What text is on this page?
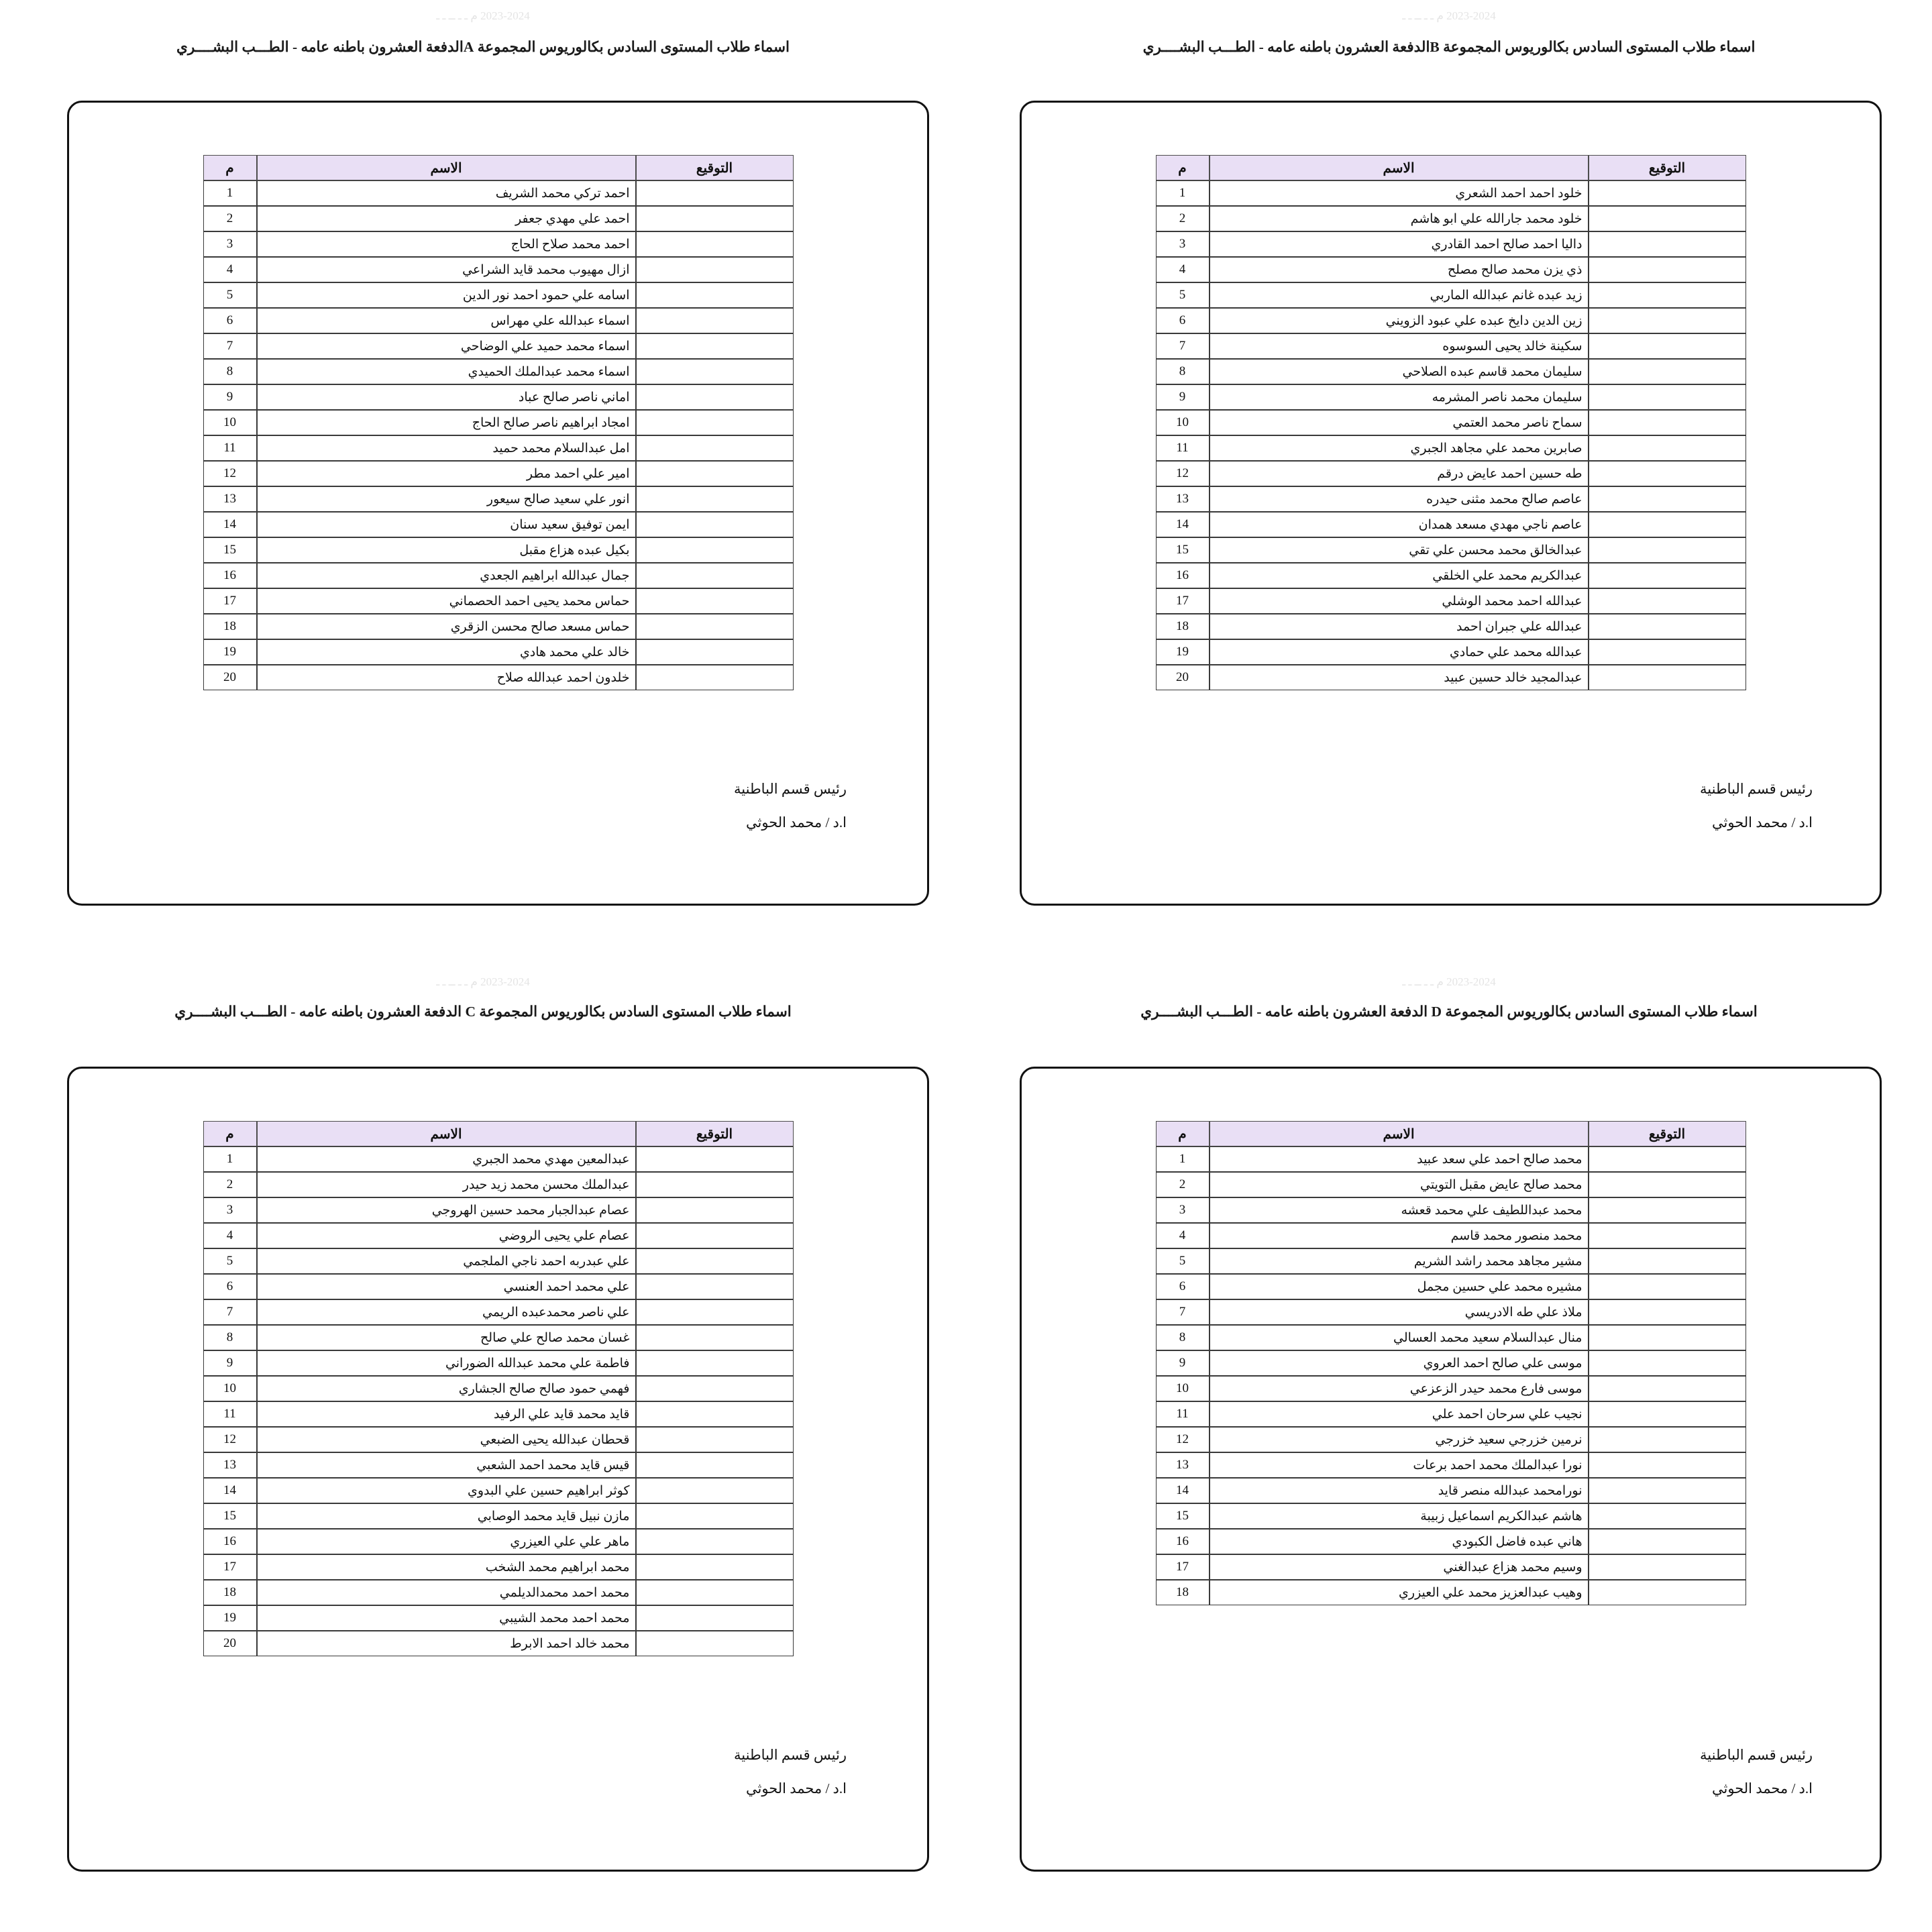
2023-2024 م ـ ـ ــ ـ ـ
اسماء طلاب المستوى السادس بكالوريوس المجموعة Aالدفعة العشرون باطنه عامه - الطـــب البشــــري
التوقيع	الاسم	م
	احمد تركي محمد الشريف	1
	احمد علي مهدي جعفر	2
	احمد محمد صلاح الحاج	3
	ازال مهيوب محمد قايد الشراعي	4
	اسامه علي حمود احمد نور الدين	5
	اسماء عبدالله علي مهراس	6
	اسماء محمد حميد علي الوضاحي	7
	اسماء محمد عبدالملك الحميدي	8
	اماني ناصر صالح عباد	9
	امجاد ابراهيم ناصر صالح الحاج	10
	امل عبدالسلام محمد حميد	11
	امير علي احمد مطر	12
	انور علي سعيد صالح سيعور	13
	ايمن توفيق سعيد سنان	14
	بكيل عبده هزاع مقبل	15
	جمال عبدالله ابراهيم الجعدي	16
	حماس محمد يحيى احمد الحصماني	17
	حماس مسعد صالح محسن الزقري	18
	خالد علي محمد هادي	19
	خلدون احمد عبدالله صلاح	20
رئيس قسم الباطنية
ا.د / محمد الحوثي
2023-2024 م ـ ـ ــ ـ ـ
اسماء طلاب المستوى السادس بكالوريوس المجموعة Bالدفعة العشرون باطنه عامه - الطـــب البشــــري
التوقيع	الاسم	م
	خلود احمد احمد الشعري	1
	خلود محمد جارالله علي ابو هاشم	2
	داليا احمد صالح احمد القادري	3
	ذي يزن محمد صالح مصلح	4
	زيد عبده غانم عبدالله الماربي	5
	زين الدين دايخ عبده علي عبود الزويني	6
	سكينة خالد يحيى السوسوه	7
	سليمان محمد قاسم عبده الصلاحي	8
	سليمان محمد ناصر المشرمه	9
	سماح ناصر محمد العتمي	10
	صابرين محمد علي مجاهد الجبري	11
	طه حسين احمد عايض درقم	12
	عاصم صالح محمد مثنى حيدره	13
	عاصم ناجي مهدي مسعد همدان	14
	عبدالخالق محمد محسن علي تقي	15
	عبدالكريم محمد علي الخلقي	16
	عبدالله احمد محمد الوشلي	17
	عبدالله علي جبران احمد	18
	عبدالله محمد علي حمادي	19
	عبدالمجيد خالد حسين عبيد	20
رئيس قسم الباطنية
ا.د / محمد الحوثي
2023-2024 م ـ ـ ــ ـ ـ
اسماء طلاب المستوى السادس بكالوريوس المجموعة C الدفعة العشرون باطنه عامه - الطـــب البشــــري
التوقيع	الاسم	م
	عبدالمعين مهدي محمد الجبري	1
	عبدالملك محسن محمد زيد حيدر	2
	عصام عبدالجبار محمد حسين الهروجي	3
	عصام علي يحيى الروضي	4
	علي عبدربه احمد ناجي الملجمي	5
	علي محمد احمد العنسي	6
	علي ناصر محمدعبده الريمي	7
	غسان محمد صالح علي صالح	8
	فاطمة علي محمد عبدالله الضوراني	9
	فهمي حمود صالح صالح الجشاري	10
	قايد محمد قايد علي الرفيد	11
	قحطان عبدالله يحيى الضبعي	12
	قيس قايد محمد احمد الشعبي	13
	كوثر ابراهيم حسين علي البدوي	14
	مازن نبيل قايد محمد الوصابي	15
	ماهر علي علي العيزري	16
	محمد ابراهيم محمد الشخب	17
	محمد احمد محمدالديلمي	18
	محمد احمد محمد الشيبي	19
	محمد خالد احمد الابرط	20
رئيس قسم الباطنية
ا.د / محمد الحوثي
2023-2024 م ـ ـ ــ ـ ـ
اسماء طلاب المستوى السادس بكالوريوس المجموعة D الدفعة العشرون باطنه عامه - الطـــب البشــــري
التوقيع	الاسم	م
	محمد صالح احمد علي سعد عبيد	1
	محمد صالح عايض مقبل التويتي	2
	محمد عبداللطيف علي محمد قعشه	3
	محمد منصور محمد قاسم	4
	مشير مجاهد محمد راشد الشريم	5
	مشيره محمد علي حسين مجمل	6
	ملاذ علي طه الادريسي	7
	منال عبدالسلام سعيد محمد العسالي	8
	موسى علي صالح احمد العروي	9
	موسى فارع محمد حيدر الزعزعي	10
	نجيب علي سرحان احمد علي	11
	نرمين خزرجي سعيد خزرجي	12
	نورا عبدالملك محمد احمد برعات	13
	نورامحمد عبدالله منصر قايد	14
	هاشم عبدالكريم اسماعيل زبيبة	15
	هاني عبده فاضل الكبودي	16
	وسيم محمد هزاع عبدالغني	17
	وهيب عبدالعزيز محمد علي العيزري	18
رئيس قسم الباطنية
ا.د / محمد الحوثي
